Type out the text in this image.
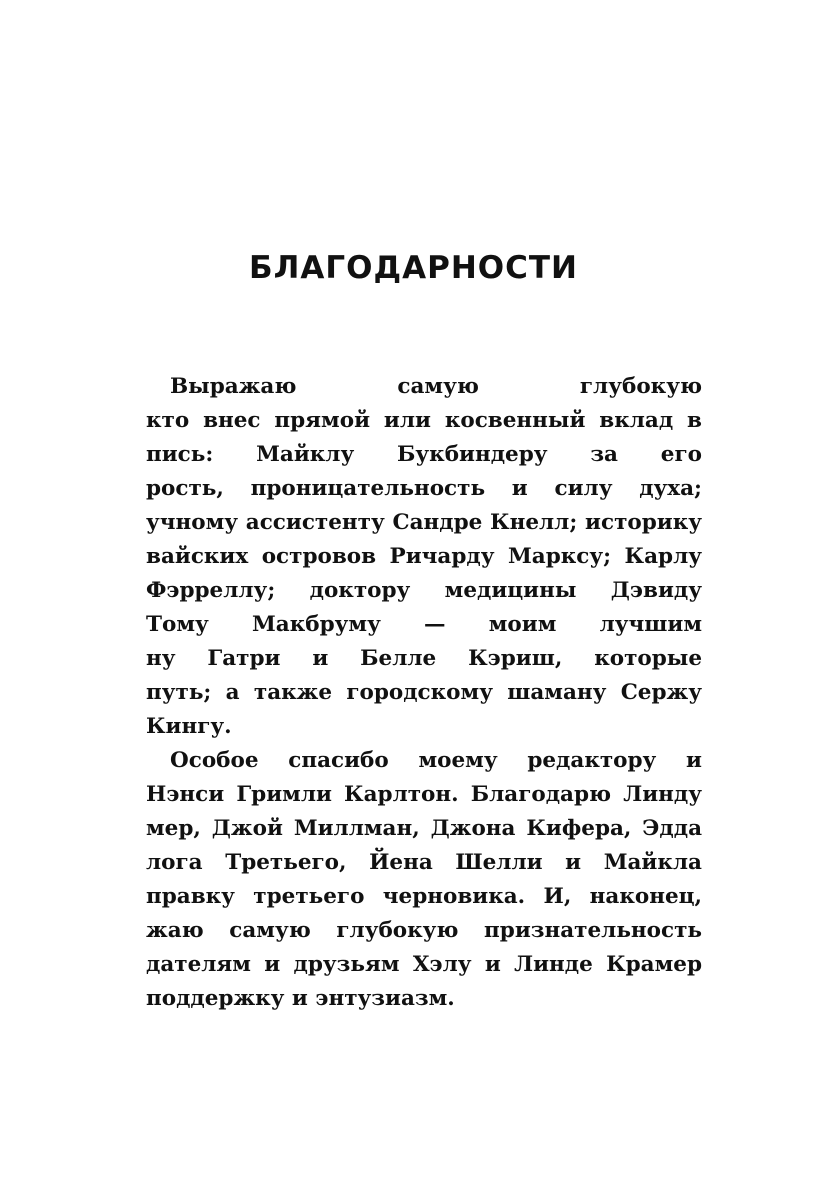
БЛАГОДАРНОСТИ

Выражаю самую глубокую
кто внес прямой или косвенный вклад в
пись: Майклу Букбиндеру за его
рость, проницательность и силу духа;
учному ассистенту Сандре Кнелл; историку
вайских островов Ричарду Марксу; Карлу
Фэрреллу; доктору медицины Дэвиду
Тому Макбруму — моим лучшим
ну Гатри и Белле Кэриш, которые
путь; а также городскому шаману Сержу
Кингу.

Особое спасибо моему редактору и
Нэнси Гримли Карлтон. Благодарю Линду
мер, Джой Миллман, Джона Кифера, Эдда
лога Третьего, Йена Шелли и Майкла
правку третьего черновика. И, наконец,
жаю самую глубокую признательность
дателям и друзьям Хэлу и Линде Крамер
поддержку и энтузиазм.
